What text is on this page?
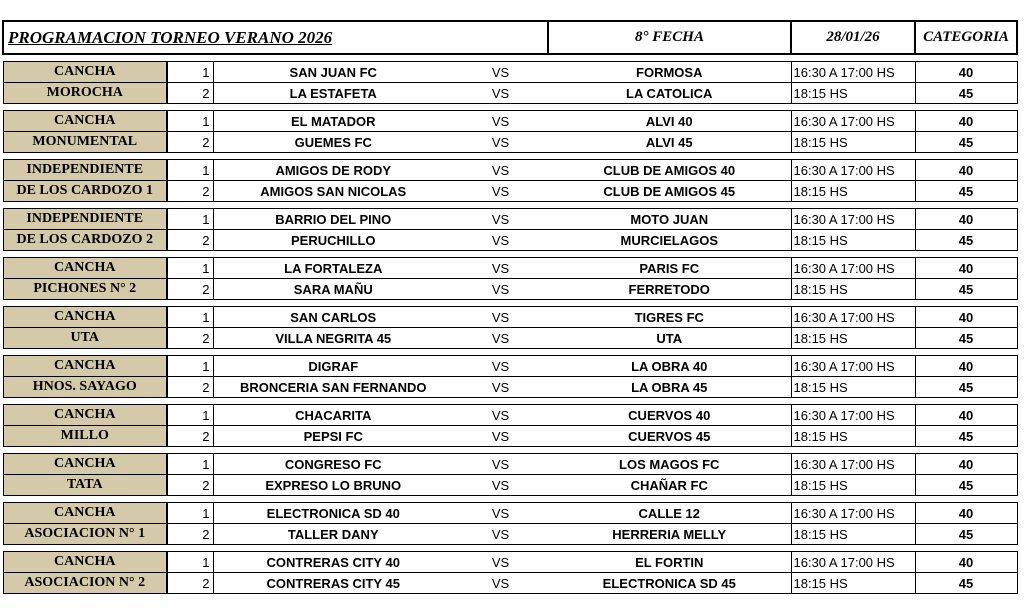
PROGRAMACION TORNEO VERANO 2026				8° FECHA	28/01/26	CATEGORIA

CANCHA	1	SAN JUAN FC	VS	FORMOSA	16:30 A 17:00 HS	40
MOROCHA	2	LA ESTAFETA	VS	LA CATOLICA	18:15 HS	45

CANCHA	1	EL MATADOR	VS	ALVI 40	16:30 A 17:00 HS	40
MONUMENTAL	2	GUEMES FC	VS	ALVI 45	18:15 HS	45

INDEPENDIENTE	1	AMIGOS DE RODY	VS	CLUB DE AMIGOS 40	16:30 A 17:00 HS	40
DE LOS CARDOZO 1	2	AMIGOS SAN NICOLAS	VS	CLUB DE AMIGOS 45	18:15 HS	45

INDEPENDIENTE	1	BARRIO DEL PINO	VS	MOTO JUAN	16:30 A 17:00 HS	40
DE LOS CARDOZO 2	2	PERUCHILLO	VS	MURCIELAGOS	18:15 HS	45

CANCHA	1	LA FORTALEZA	VS	PARIS FC	16:30 A 17:00 HS	40
PICHONES N° 2	2	SARA MAÑU	VS	FERRETODO	18:15 HS	45

CANCHA	1	SAN CARLOS	VS	TIGRES FC	16:30 A 17:00 HS	40
UTA	2	VILLA NEGRITA 45	VS	UTA	18:15 HS	45

CANCHA	1	DIGRAF	VS	LA OBRA 40	16:30 A 17:00 HS	40
HNOS. SAYAGO	2	BRONCERIA SAN FERNANDO	VS	LA OBRA 45	18:15 HS	45

CANCHA	1	CHACARITA	VS	CUERVOS 40	16:30 A 17:00 HS	40
MILLO	2	PEPSI FC	VS	CUERVOS 45	18:15 HS	45

CANCHA	1	CONGRESO FC	VS	LOS MAGOS FC	16:30 A 17:00 HS	40
TATA	2	EXPRESO LO BRUNO	VS	CHAÑAR FC	18:15 HS	45

CANCHA	1	ELECTRONICA SD 40	VS	CALLE 12	16:30 A 17:00 HS	40
ASOCIACION N° 1	2	TALLER DANY	VS	HERRERIA MELLY	18:15 HS	45

CANCHA	1	CONTRERAS CITY 40	VS	EL FORTIN	16:30 A 17:00 HS	40
ASOCIACION N° 2	2	CONTRERAS CITY 45	VS	ELECTRONICA SD 45	18:15 HS	45
